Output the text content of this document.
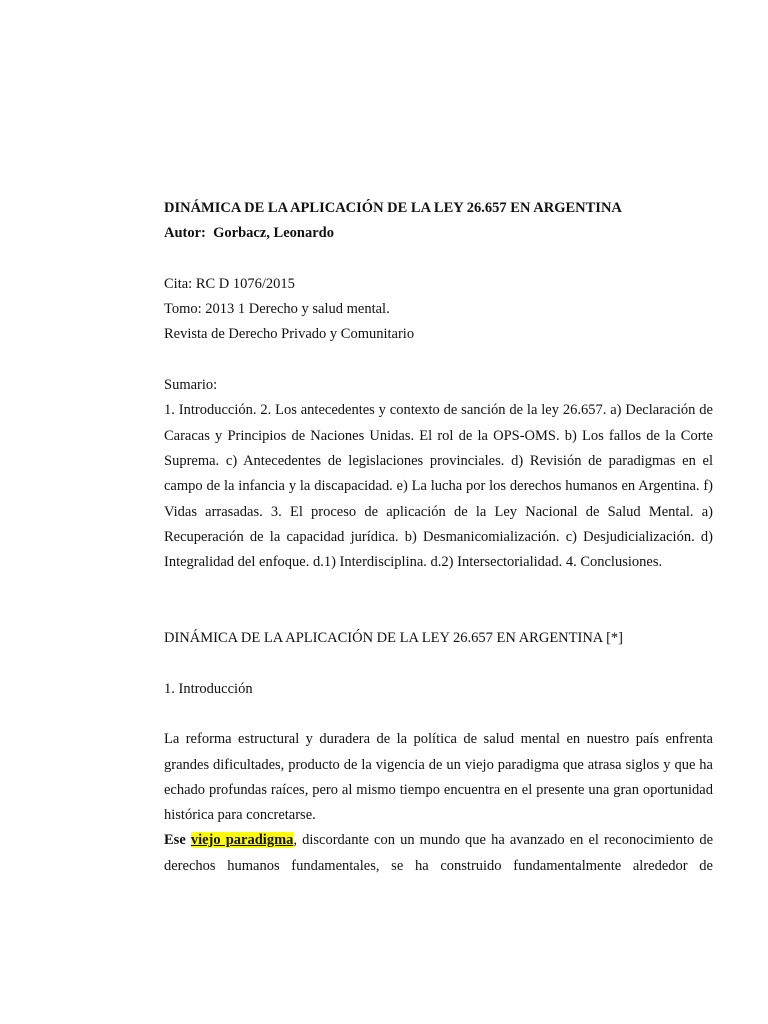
DINÁMICA DE LA APLICACIÓN DE LA LEY 26.657 EN ARGENTINA

Autor: Gorbacz, Leonardo

Cita: RC D 1076/2015

Tomo: 2013 1 Derecho y salud mental.

Revista de Derecho Privado y Comunitario

Sumario:

1. Introducción. 2. Los antecedentes y contexto de sanción de la ley 26.657. a) Declaración de Caracas y Principios de Naciones Unidas. El rol de la OPS-OMS. b) Los fallos de la Corte Suprema. c) Antecedentes de legislaciones provinciales. d) Revisión de paradigmas en el campo de la infancia y la discapacidad. e) La lucha por los derechos humanos en Argentina. f) Vidas arrasadas. 3. El proceso de aplicación de la Ley Nacional de Salud Mental. a) Recuperación de la capacidad jurídica. b) Desmanicomialización. c) Desjudicialización. d) Integralidad del enfoque. d.1) Interdisciplina. d.2) Intersectorialidad. 4. Conclusiones.

DINÁMICA DE LA APLICACIÓN DE LA LEY 26.657 EN ARGENTINA [*]

1. Introducción

La reforma estructural y duradera de la política de salud mental en nuestro país enfrenta grandes dificultades, producto de la vigencia de un viejo paradigma que atrasa siglos y que ha echado profundas raíces, pero al mismo tiempo encuentra en el presente una gran oportunidad histórica para concretarse.

Ese viejo paradigma, discordante con un mundo que ha avanzado en el reconocimiento de derechos humanos fundamentales, se ha construido fundamentalmente alrededor de
